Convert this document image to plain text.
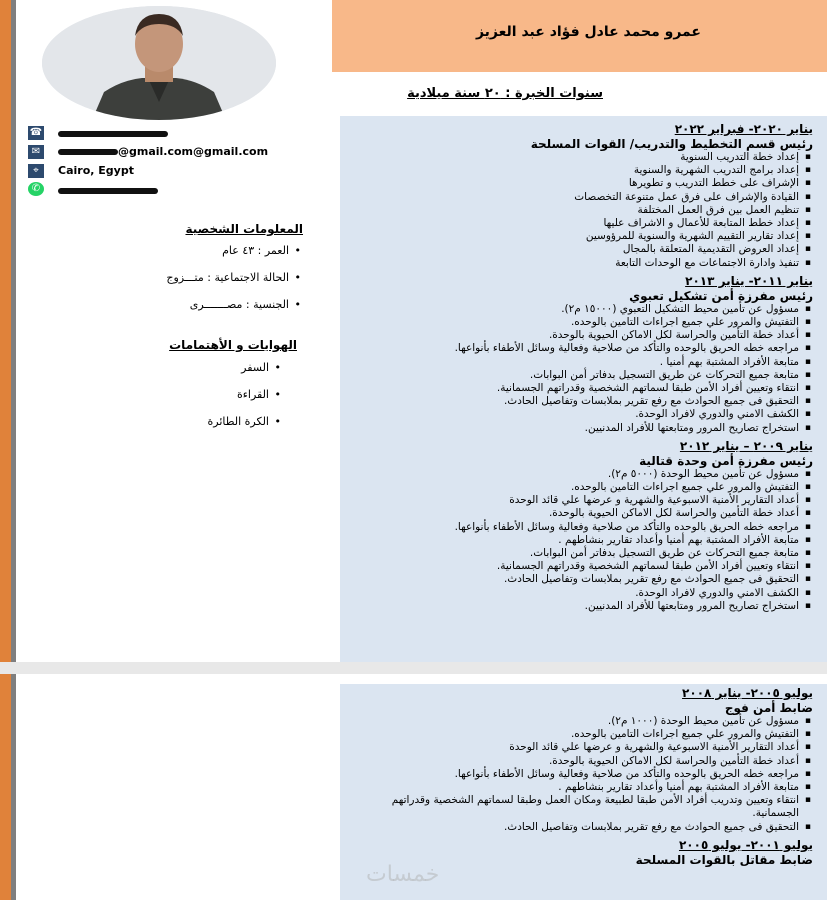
عمرو محمد عادل فؤاد عبد العزيز
سنوات الخبرة : ٢٠ سنة ميلادية
☎
✉	@gmail.com@gmail.com
⌖	Cairo, Egypt
✆
المعلومات الشخصية
العمر : ٤٣ عام •
الحالة الاجتماعية : متـــزوج •
الجنسية : مصـــــــرى •
الهوايات و الأهتمامات
السفر •
القراءة •
الكرة الطائرة •
يناير ٢٠٢٠- فبراير ٢٠٢٢
رئيس قسم التخطيط والتدريب/ القوات المسلحة
▪ إعداد خطة التدريب السنوية
▪ إعداد برامج التدريب الشهرية والسنوية
▪ الإشراف على خطط التدريب و تطويرها
▪ القيادة والإشراف على فرق عمل متنوعة التخصصات
▪ تنظيم العمل بين فرق العمل المختلفة
▪ إعداد خطط المتابعة للأعمال و الاشراف عليها
▪ إعداد تقارير التقييم الشهرية والسنوية للمرؤوسين
▪ إعداد العروض التقديمية المتعلقة بالمجال
▪ تنفيذ وادارة الاجتماعات مع الوحدات التابعة
يناير ٢٠١١- يناير ٢٠١٣
رئيس مفرزة أمن تشكيل تعبوي
▪ مسؤول عن تأمين محيط التشكيل التعبوي (١٥٠٠٠ م٢).
▪ التفتيش والمرور علي جميع اجراءات التامين بالوحده.
▪ أعداد خطة التأمين والحراسة لكل الاماكن الحيوية بالوحدة.
▪ مراجعه خطه الحريق بالوحده والتأكد من صلاحية وفعالية وسائل الأطفاء بأنواعها.
▪ متابعة الأفراد المشتبة بهم أمنيا .
▪ متابعة جميع التحركات عن طريق التسجيل بدفاتر أمن البوابات.
▪ انتقاء وتعيين أفراد الأمن طبقا لسماتهم الشخصية وقدراتهم الجسمانية.
▪ التحقيق فى جميع الحوادث مع رفع تقرير بملابسات وتفاصيل الحادث.
▪ الكشف الامني والدوري لافراد الوحدة.
▪ استخراج تصاريح المرور ومتابعتها للأفراد المدنيين.
يناير ٢٠٠٩ – يناير ٢٠١٢
رئيس مفرزة أمن وحدة قتالية
▪ مسؤول عن تأمين محيط الوحدة (٥٠٠٠ م٢).
▪ التفتيش والمرور علي جميع اجراءات التامين بالوحده.
▪ أعداد التقارير الأمنية الاسبوعية والشهرية و عرضها علي قائد الوحدة
▪ أعداد خطة التأمين والحراسة لكل الاماكن الحيوية بالوحدة.
▪ مراجعه خطه الحريق بالوحده والتأكد من صلاحية وفعالية وسائل الأطفاء بأنواعها.
▪ متابعة الأفراد المشتبة بهم أمنيا وأعداد تقارير بنشاطهم .
▪ متابعة جميع التحركات عن طريق التسجيل بدفاتر أمن البوابات.
▪ انتقاء وتعيين أفراد الأمن طبقا لسماتهم الشخصية وقدراتهم الجسمانية.
▪ التحقيق فى جميع الحوادث مع رفع تقرير بملابسات وتفاصيل الحادث.
▪ الكشف الامني والدوري لافراد الوحدة.
▪ استخراج تصاريح المرور ومتابعتها للأفراد المدنيين.
يوليو ٢٠٠٥- يناير ٢٠٠٨
ضابط أمن فوج
▪ مسؤول عن تأمين محيط الوحدة (١٠٠٠ م٢).
▪ التفتيش والمرور علي جميع اجراءات التامين بالوحده.
▪ أعداد التقارير الأمنية الاسبوعية والشهرية و عرضها علي قائد الوحدة
▪ أعداد خطة التأمين والحراسة لكل الاماكن الحيوية بالوحدة.
▪ مراجعه خطه الحريق بالوحده والتأكد من صلاحية وفعالية وسائل الأطفاء بأنواعها.
▪ متابعة الأفراد المشتبة بهم أمنيا وأعداد تقارير بنشاطهم .
▪ انتقاء وتعيين وتدريب أفراد الأمن طبقا لطبيعة ومكان العمل وطبقا لسماتهم الشخصية وقدراتهم الجسمانية.
▪ التحقيق فى جميع الحوادث مع رفع تقرير بملابسات وتفاصيل الحادث.
يوليو ٢٠٠١- يوليو ٢٠٠٥
ضابط مقاتل بالقوات المسلحة
خمسات
